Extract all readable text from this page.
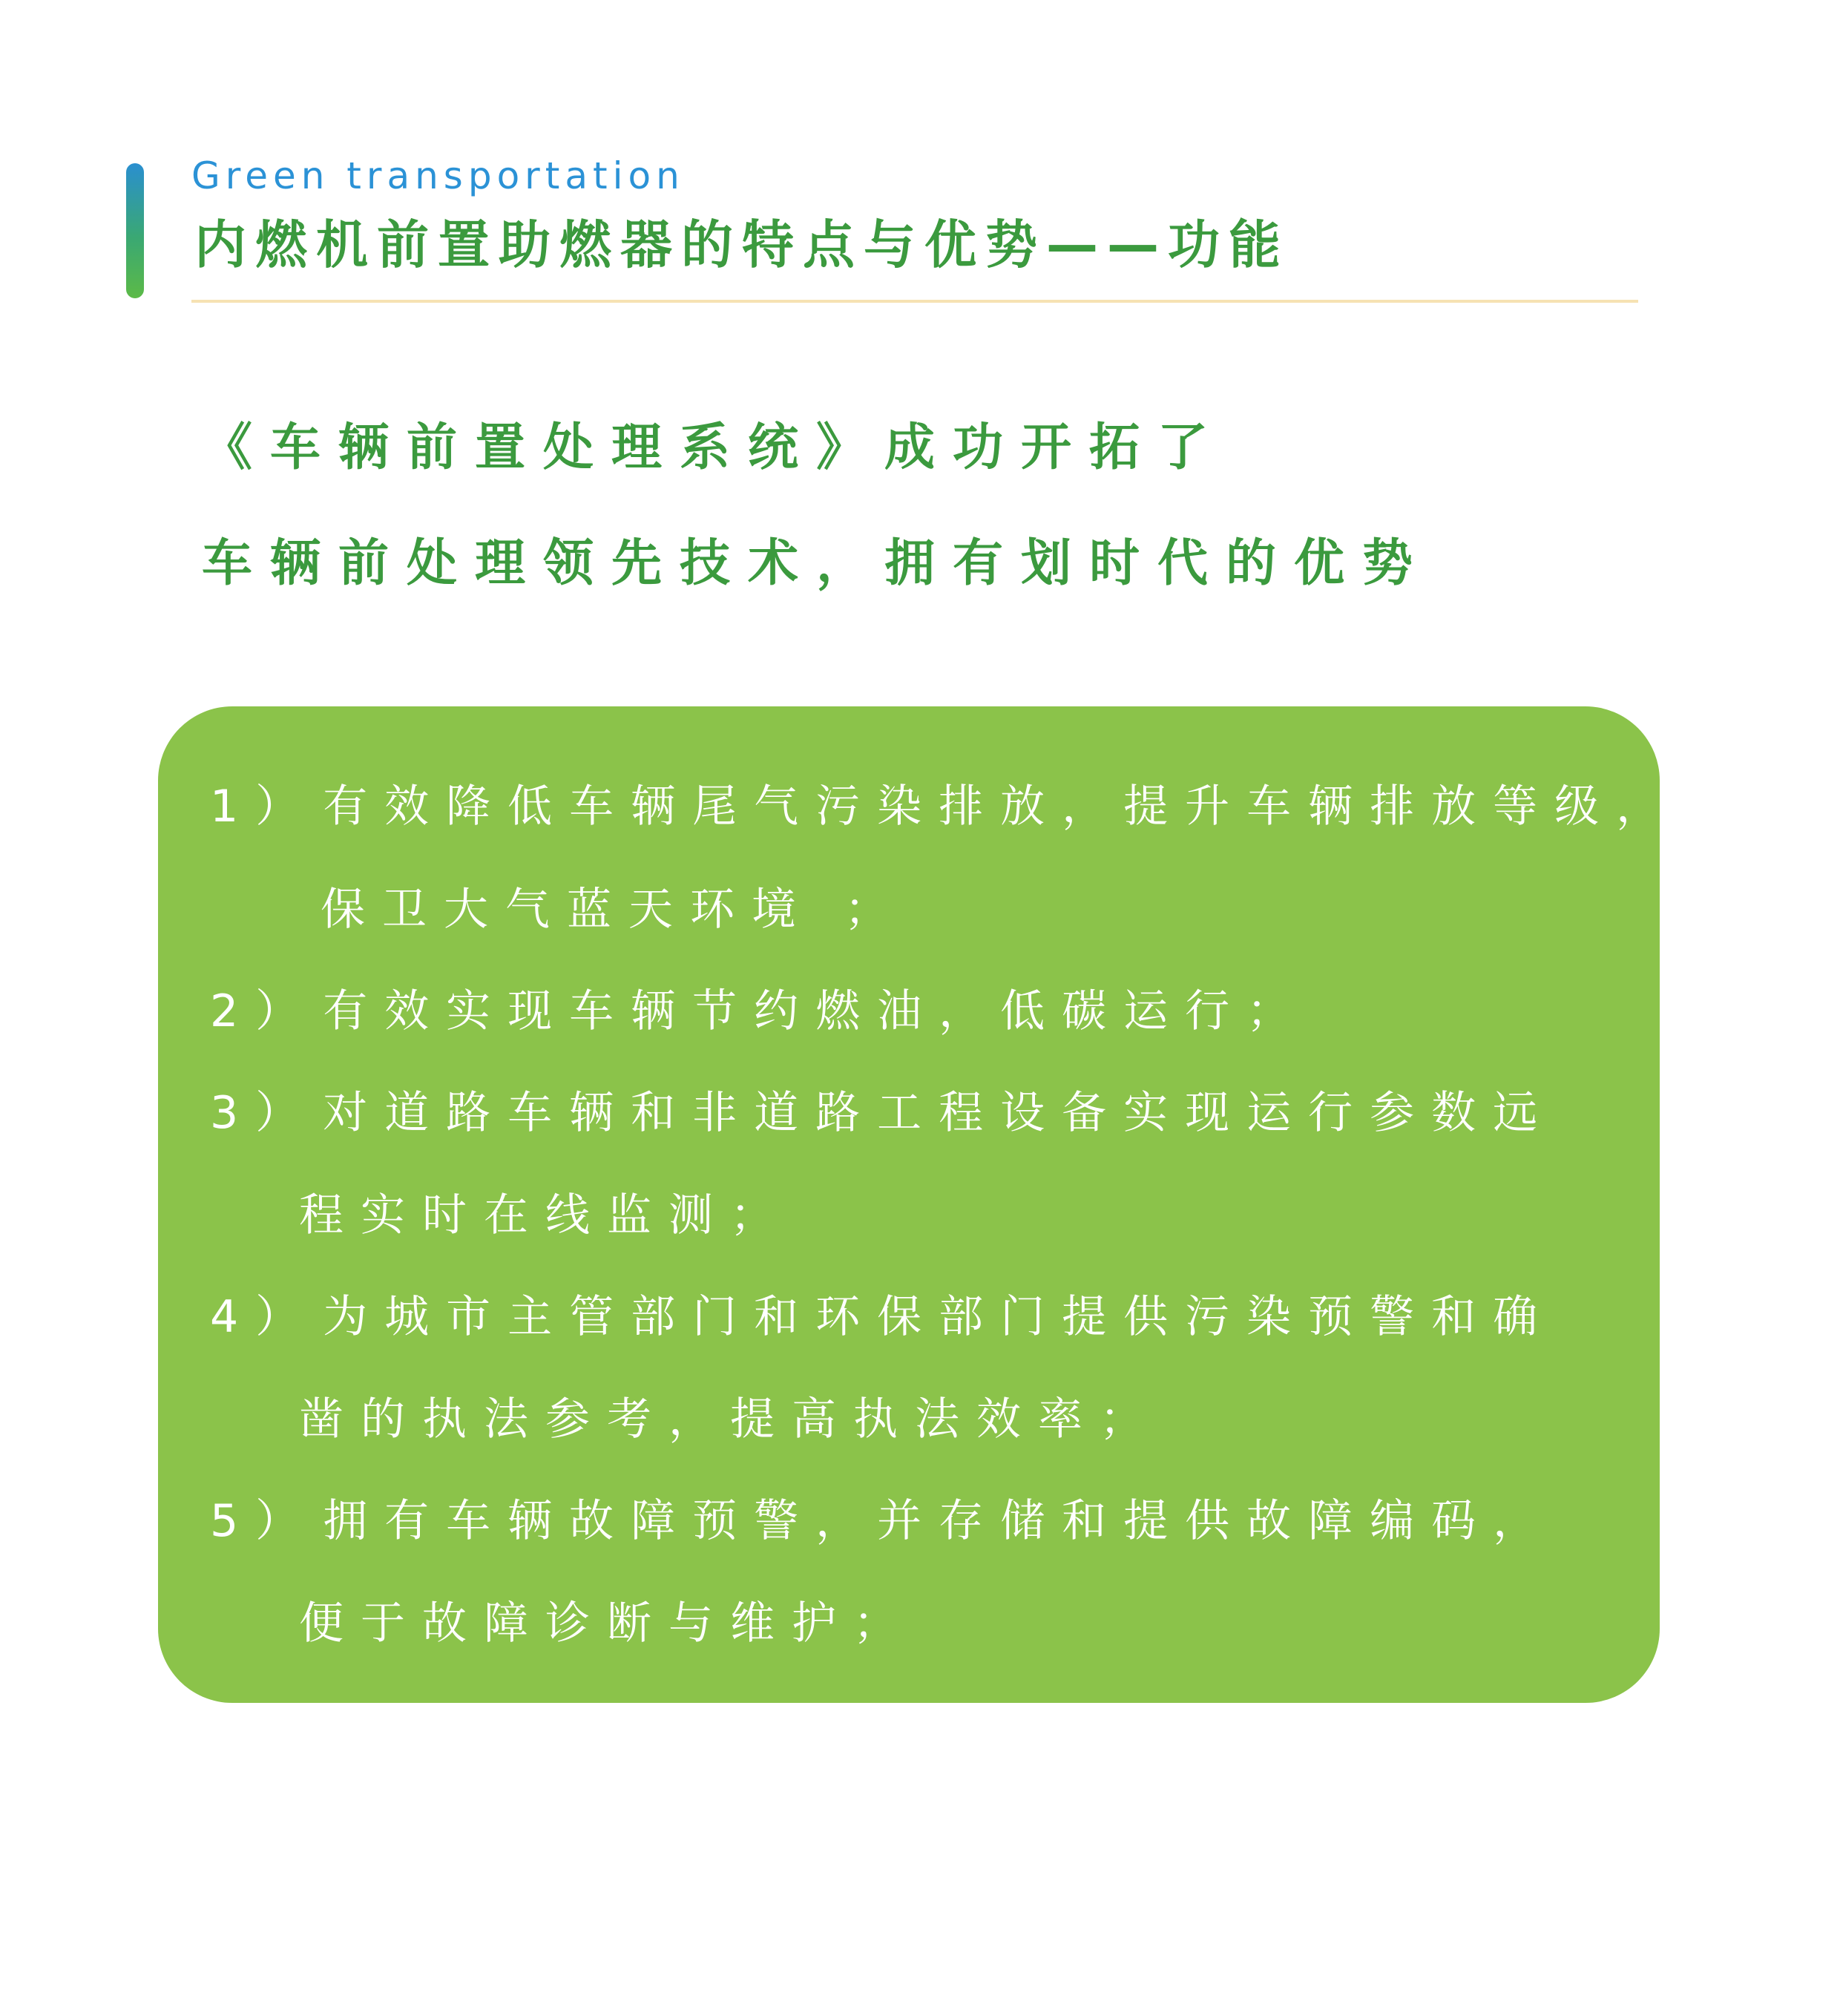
Green transportation
内燃机前置助燃器的特点与优势——功能
《车辆前置处理系统》成功开拓了
车辆前处理领先技术，拥有划时代的优势
1） 有效降低车辆尾气污染排放，提升车辆排放等级，
保卫大气蓝天环境 ；
2） 有效实现车辆节约燃油，低碳运行；
3） 对道路车辆和非道路工程设备实现运行参数远
程实时在线监测；
4） 为城市主管部门和环保部门提供污染预警和确
凿的执法参考，提高执法效率；
5） 拥有车辆故障预警，并存储和提供故障编码，
便于故障诊断与维护；
